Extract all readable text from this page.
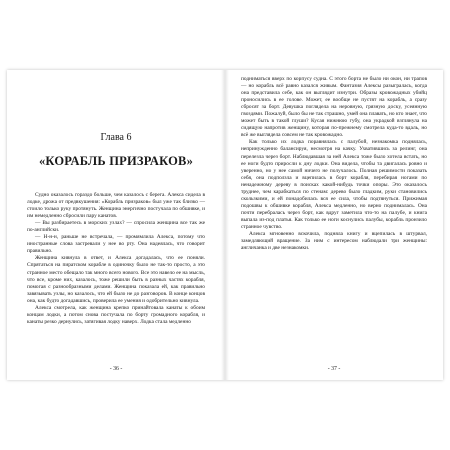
Глава 6
«КОРАБЛЬ ПРИЗРАКОВ»

Судно оказалось гораздо больше, чем казалось с берега. Алекса сидела в лодке, дрожа от предвкушения: «Корабль призраков» был уже так близко — стоило только руку протянуть. Женщина энергично постучала по обшивке, и им немедленно сбросили пару канатов.

— Вы разбираетесь в морских узлах? — спросила женщина все так же по-английски.

— Н-н-н, раньше не встречала, — промямлила Алекса, потому что иностранные слова застревали у нее во рту. Она надеялась, что говорит правильно.

Женщина кивнула в ответ, и Алекса догадалась, что ее поняли. Спрятаться на пиратском корабле в одиночку было не так-то просто, а это странное место обещало так много всего нового. Все это навело ее на мысль, что все, кроме них, казалось, тоже решили быть в разных частях корабля, помогая с разнообразными делами. Женщина показала ей, как правильно завязывать узлы, но казалось, что ей было не до разговоров. В конце концов она, как будто догадавшись, проверила ее умения и одобрительно кивнула.

Алекса смотрела, как женщина крепко принайтовала канаты к обоим концам лодки, а потом снова постучала по борту громадного корабля, и канаты резко дернулись, затягивая лодку наверх. Лодка стала медленно

- 36 -

подниматься вверх по корпусу судна. С этого борта не было ни окон, ни трапов — но корабль всё равно казался живым. Фантазия Алексы разыгралась, когда она представила себе, как он выглядит изнутри. Образы кровожадных убийц проносились в ее голове. Может, ее вообще не пустят на корабль, а сразу сбросят за борт. Девушка поглядела на неровную, грязную доску, усеянную гвоздями. Пожалуй, было бы не так страшно, умей она плавать, но кто знает, что может быть в такой глуши? Кусая нижнюю губу, она украдкой взглянула на сидящую напротив женщину, которая по-прежнему смотрела куда-то вдаль, но всё же выглядела совсем не так кровожадно.

Как только их лодка поравнялась с палубой, незнакомка поднялась, непринужденно балансируя, несмотря на качку. Ухватившись за релинг, она перелезла через борт. Наблюдавшая за ней Алекса тоже было хотела встать, но ее ноги будто приросли к дну лодки. Она видела, чтобы та двигалась ровно и уверенно, но у нее самой ничего не получалось. Полная решимости показать себя, она подползла и вцепилась в борт корабля, перебирая ногами по ненадежному дереву в поисках какой-нибудь точки опоры. Это оказалось труднее, чем карабкаться по стенам: дерево было гладким, руки становились скользкими, и ей понадобилась вся ее сила, чтобы подтянуться. Прижимая подошвы к обшивке корабля, Алекса медленно, но верно поднималась. Она почти перебралась через борт, как вдруг заметила что-то на палубе, и книга выпала из-под платья. Как только ее ноги коснулись палубы, корабль пронзило странное чувство.

Алекса мгновенно вскочила, подняла книгу и вцепилась в штурвал, замедляющий вращение. За ним с интересом наблюдали три женщины: англичанка и две незнакомки.

- 37 -
